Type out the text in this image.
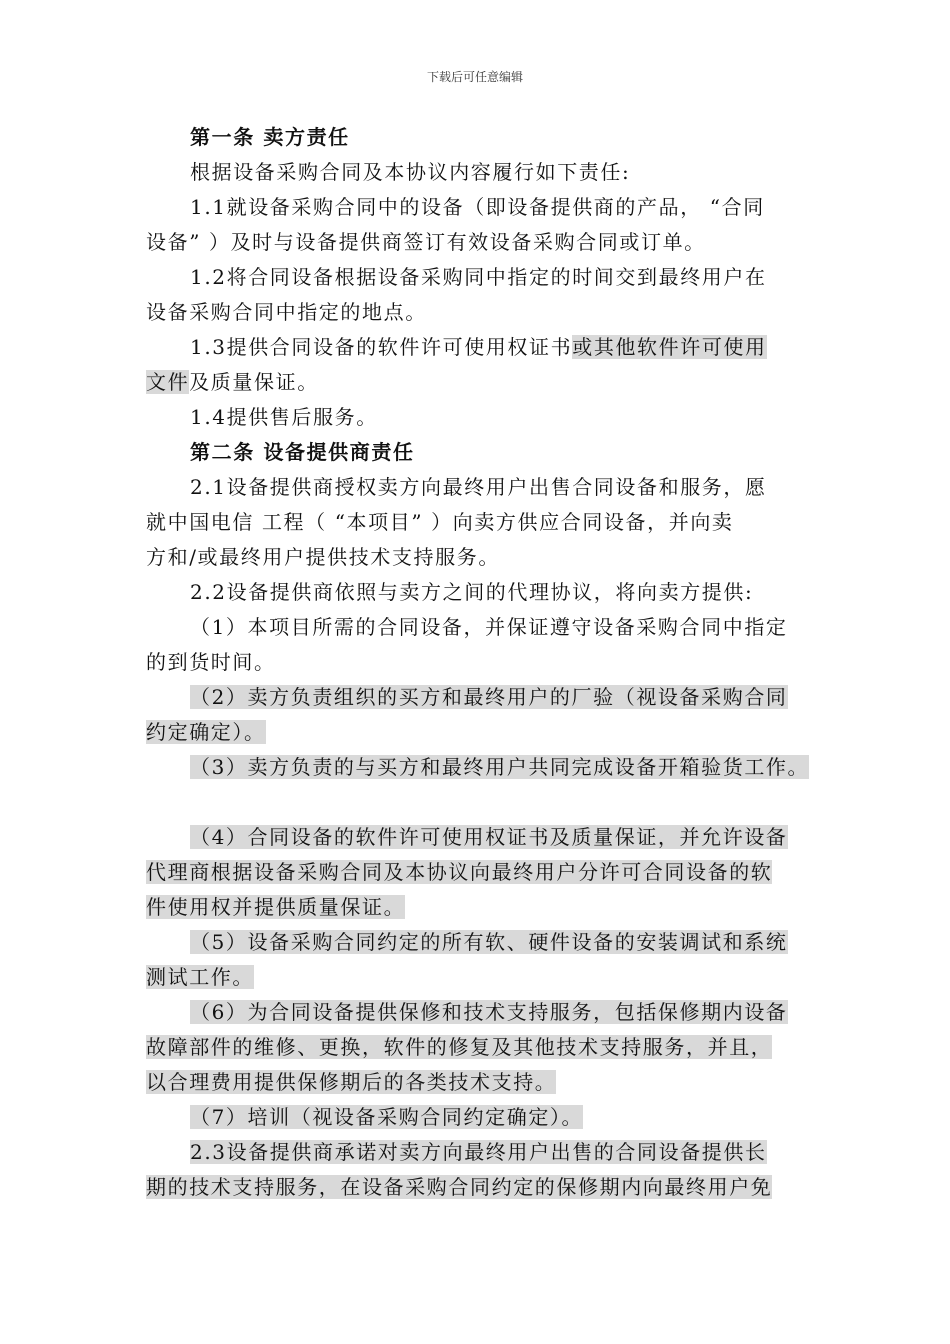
下载后可任意编辑
第一条 卖方责任
根据设备采购合同及本协议内容履行如下责任:
1.1就设备采购合同中的设备（即设备提供商的产品， “合同
设备” ）及时与设备提供商签订有效设备采购合同或订单。
1.2将合同设备根据设备采购同中指定的时间交到最终用户在
设备采购合同中指定的地点。
1.3提供合同设备的软件许可使用权证书或其他软件许可使用
文件及质量保证。
1.4提供售后服务。
第二条 设备提供商责任
2.1设备提供商授权卖方向最终用户出售合同设备和服务，愿
就中国电信 工程（ “本项目” ）向卖方供应合同设备，并向卖
方和/或最终用户提供技术支持服务。
2.2设备提供商依照与卖方之间的代理协议，将向卖方提供:
（1）本项目所需的合同设备，并保证遵守设备采购合同中指定
的到货时间。
（2）卖方负责组织的买方和最终用户的厂验（视设备采购合同
约定确定）。
（3）卖方负责的与买方和最终用户共同完成设备开箱验货工作。
（4）合同设备的软件许可使用权证书及质量保证，并允许设备
代理商根据设备采购合同及本协议向最终用户分许可合同设备的软
件使用权并提供质量保证。
（5）设备采购合同约定的所有软、硬件设备的安装调试和系统
测试工作。
（6）为合同设备提供保修和技术支持服务，包括保修期内设备
故障部件的维修、更换，软件的修复及其他技术支持服务，并且，
以合理费用提供保修期后的各类技术支持。
（7）培训（视设备采购合同约定确定）。
2.3设备提供商承诺对卖方向最终用户出售的合同设备提供长
期的技术支持服务，在设备采购合同约定的保修期内向最终用户免
